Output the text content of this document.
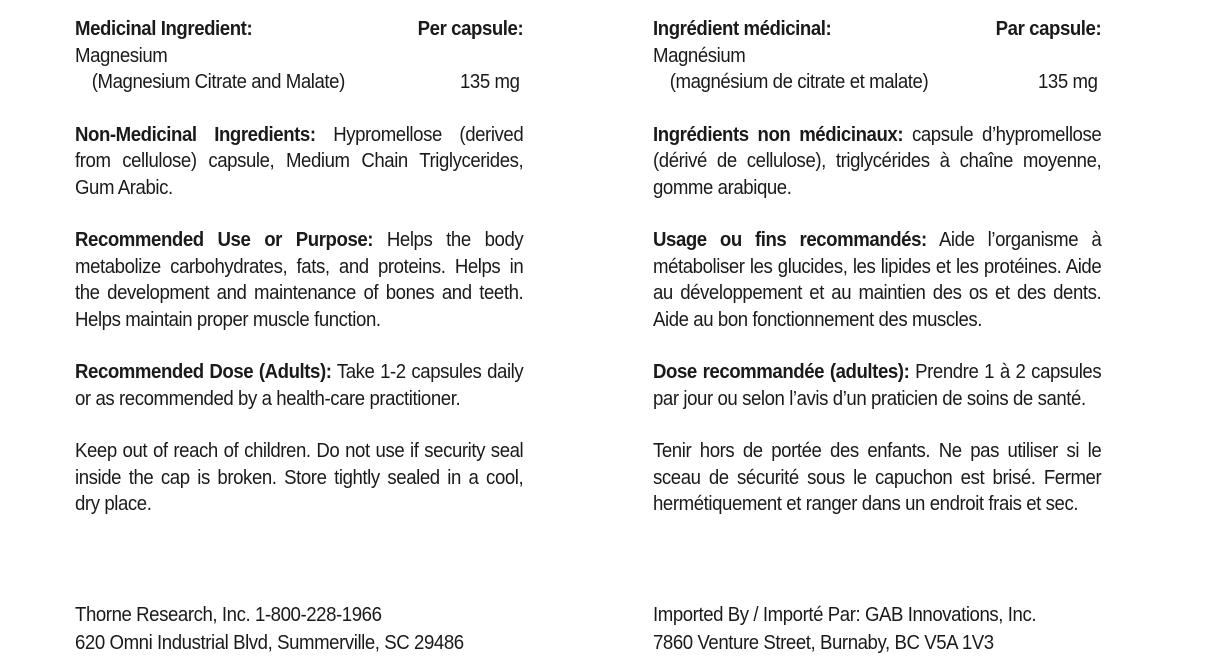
Medicinal Ingredient:	Per capsule:
Magnesium
(Magnesium Citrate and Malate)	135 mg
Non-Medicinal Ingredients: Hypromellose (derived from cellulose) capsule, Medium Chain Triglycerides, Gum Arabic.
Recommended Use or Purpose: Helps the body metabolize carbohydrates, fats, and proteins. Helps in the development and maintenance of bones and teeth. Helps maintain proper muscle function.
Recommended Dose (Adults): Take 1-2 capsules daily or as recommended by a health-care practitioner.
Keep out of reach of children. Do not use if security seal inside the cap is broken. Store tightly sealed in a cool, dry place.
Ingrédient médicinal:	Par capsule:
Magnésium
(magnésium de citrate et malate)	135 mg
Ingrédients non médicinaux: capsule d’hypromellose (dérivé de cellulose), triglycérides à chaîne moyenne, gomme arabique.
Usage ou fins recommandés: Aide l’organisme à métaboliser les glucides, les lipides et les protéines. Aide au développement et au maintien des os et des dents. Aide au bon fonctionnement des muscles.
Dose recommandée (adultes): Prendre 1 à 2 capsules par jour ou selon l’avis d’un praticien de soins de santé.
Tenir hors de portée des enfants. Ne pas utiliser si le sceau de sécurité sous le capuchon est brisé. Fermer hermétiquement et ranger dans un endroit frais et sec.
Thorne Research, Inc. 1-800-228-1966
620 Omni Industrial Blvd, Summerville, SC 29486
Imported By / Importé Par: GAB Innovations, Inc.
7860 Venture Street, Burnaby, BC V5A 1V3
